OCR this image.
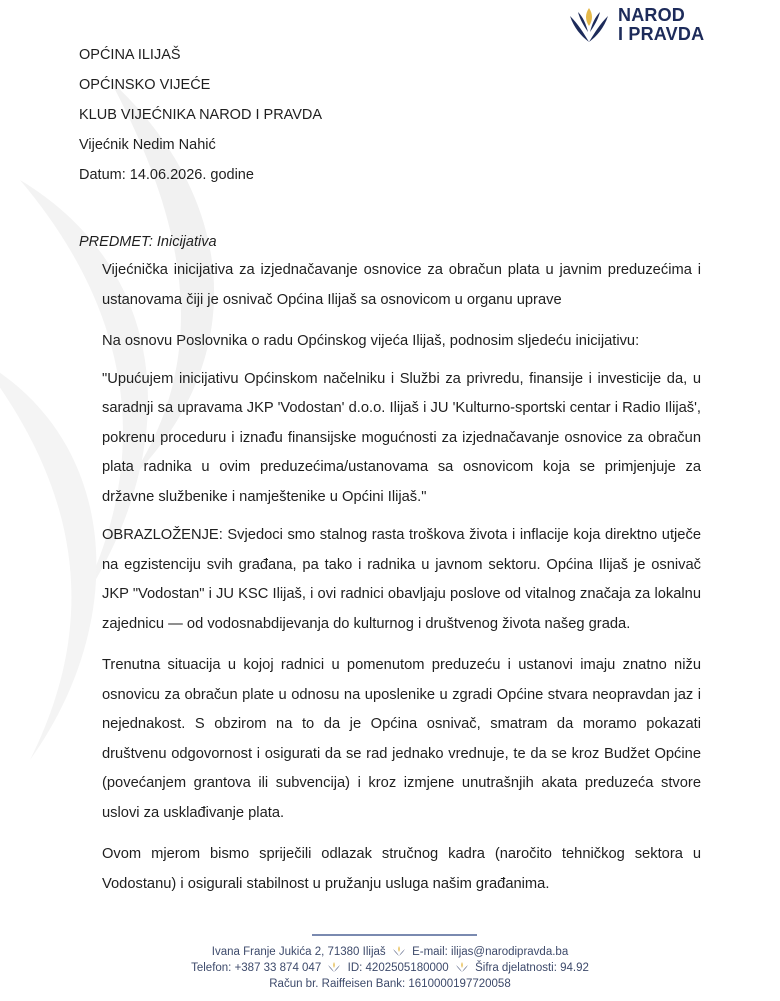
NAROD
I PRAVDA
OPĆINA ILIJAŠ
OPĆINSKO VIJEĆE
KLUB VIJEĆNIKA NAROD I PRAVDA
Vijećnik Nedim Nahić
Datum: 14.06.2026. godine
PREDMET: Inicijativa

Vijećnička inicijativa za izjednačavanje osnovice za obračun plata u javnim preduzećima i ustanovama čiji je osnivač Općina Ilijaš sa osnovicom u organu uprave

Na osnovu Poslovnika o radu Općinskog vijeća Ilijaš, podnosim sljedeću inicijativu:

"Upućujem inicijativu Općinskom načelniku i Službi za privredu, finansije i investicije da, u saradnji sa upravama JKP 'Vodostan' d.o.o. Ilijaš i JU 'Kulturno-sportski centar i Radio Ilijaš', pokrenu proceduru i iznađu finansijske mogućnosti za izjednačavanje osnovice za obračun plata radnika u ovim preduzećima/ustanovama sa osnovicom koja se primjenjuje za državne službenike i namještenike u Općini Ilijaš."

OBRAZLOŽENJE: Svjedoci smo stalnog rasta troškova života i inflacije koja direktno utječe na egzistenciju svih građana, pa tako i radnika u javnom sektoru. Općina Ilijaš je osnivač JKP "Vodostan" i JU KSC Ilijaš, i ovi radnici obavljaju poslove od vitalnog značaja za lokalnu zajednicu — od vodosnabdijevanja do kulturnog i društvenog života našeg grada.

Trenutna situacija u kojoj radnici u pomenutom preduzeću i ustanovi imaju znatno nižu osnovicu za obračun plate u odnosu na uposlenike u zgradi Općine stvara neopravdan jaz i nejednakost. S obzirom na to da je Općina osnivač, smatram da moramo pokazati društvenu odgovornost i osigurati da se rad jednako vrednuje, te da se kroz Budžet Općine (povećanjem grantova ili subvencija) i kroz izmjene unutrašnjih akata preduzeća stvore uslovi za usklađivanje plata.

Ovom mjerom bismo spriječili odlazak stručnog kadra (naročito tehničkog sektora u Vodostanu) i osigurali stabilnost u pružanju usluga našim građanima.

Ivana Franje Jukića 2, 71380 Ilijaš E-mail: ilijas@narodipravda.ba
Telefon: +387 33 874 047 ID: 4202505180000 Šifra djelatnosti: 94.92
Račun br. Raiffeisen Bank: 1610000197720058
